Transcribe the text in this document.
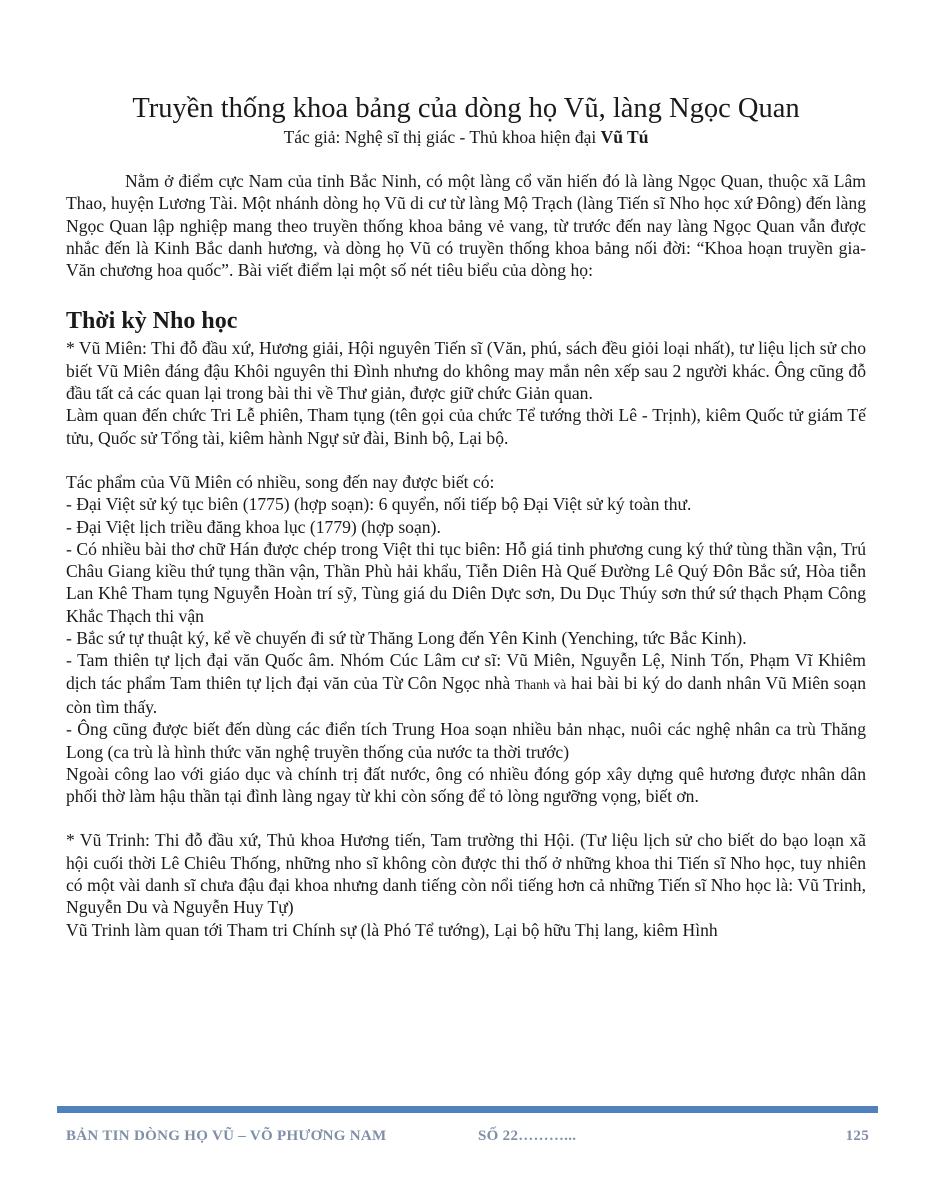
Truyền thống khoa bảng của dòng họ Vũ, làng Ngọc Quan

Tác giả: Nghệ sĩ thị giác - Thủ khoa hiện đại Vũ Tú

Nằm ở điểm cực Nam của tỉnh Bắc Ninh, có một làng cổ văn hiến đó là làng Ngọc Quan, thuộc xã Lâm Thao, huyện Lương Tài. Một nhánh dòng họ Vũ di cư từ làng Mộ Trạch (làng Tiến sĩ Nho học xứ Đông) đến làng Ngọc Quan lập nghiệp mang theo truyền thống khoa bảng vẻ vang, từ trước đến nay làng Ngọc Quan vẫn được nhắc đến là Kinh Bắc danh hương, và dòng họ Vũ có truyền thống khoa bảng nối đời: “Khoa hoạn truyền gia-Văn chương hoa quốc”. Bài viết điểm lại một số nét tiêu biểu của dòng họ:

Thời kỳ Nho học

* Vũ Miên: Thi đỗ đầu xứ, Hương giải, Hội nguyên Tiến sĩ (Văn, phú, sách đều giỏi loại nhất), tư liệu lịch sử cho biết Vũ Miên đáng đậu Khôi nguyên thi Đình nhưng do không may mắn nên xếp sau 2 người khác. Ông cũng đỗ đầu tất cả các quan lại trong bài thi về Thư giản, được giữ chức Giản quan.

Làm quan đến chức Tri Lễ phiên, Tham tụng (tên gọi của chức Tể tướng thời Lê - Trịnh), kiêm Quốc tử giám Tế tửu, Quốc sử Tổng tài, kiêm hành Ngự sử đài, Binh bộ, Lại bộ.

Tác phẩm của Vũ Miên có nhiều, song đến nay được biết có:

- Đại Việt sử ký tục biên (1775) (hợp soạn): 6 quyển, nối tiếp bộ Đại Việt sử ký toàn thư.

- Đại Việt lịch triều đăng khoa lục (1779) (hợp soạn).

- Có nhiều bài thơ chữ Hán được chép trong Việt thi tục biên: Hỗ giá tinh phương cung ký thứ tùng thần vận, Trú Châu Giang kiều thứ tụng thần vận, Thần Phù hải khẩu, Tiễn Diên Hà Quế Đường Lê Quý Đôn Bắc sứ, Hòa tiễn Lan Khê Tham tụng Nguyễn Hoàn trí sỹ, Tùng giá du Diên Dực sơn, Du Dục Thúy sơn thứ sứ thạch Phạm Công Khắc Thạch thi vận

- Bắc sứ tự thuật ký, kể về chuyến đi sứ từ Thăng Long đến Yên Kinh (Yenching, tức Bắc Kinh).

- Tam thiên tự lịch đại văn Quốc âm. Nhóm Cúc Lâm cư sĩ: Vũ Miên, Nguyễn Lệ, Ninh Tốn, Phạm Vĩ Khiêm dịch tác phẩm Tam thiên tự lịch đại văn của Từ Côn Ngọc nhà Thanh và hai bài bi ký do danh nhân Vũ Miên soạn còn tìm thấy.

- Ông cũng được biết đến dùng các điển tích Trung Hoa soạn nhiều bản nhạc, nuôi các nghệ nhân ca trù Thăng Long (ca trù là hình thức văn nghệ truyền thống của nước ta thời trước)

Ngoài công lao với giáo dục và chính trị đất nước, ông có nhiều đóng góp xây dựng quê hương được nhân dân phối thờ làm hậu thần tại đình làng ngay từ khi còn sống để tỏ lòng ngưỡng vọng, biết ơn.

* Vũ Trinh: Thi đỗ đầu xứ, Thủ khoa Hương tiến, Tam trường thi Hội. (Tư liệu lịch sử cho biết do bạo loạn xã hội cuối thời Lê Chiêu Thống, những nho sĩ không còn được thi thố ở những khoa thi Tiến sĩ Nho học, tuy nhiên có một vài danh sĩ chưa đậu đại khoa nhưng danh tiếng còn nổi tiếng hơn cả những Tiến sĩ Nho học là: Vũ Trinh, Nguyễn Du và Nguyễn Huy Tự)

Vũ Trinh làm quan tới Tham tri Chính sự (là Phó Tể tướng), Lại bộ hữu Thị lang, kiêm Hình

BẢN TIN DÒNG HỌ VŨ – VÕ PHƯƠNG NAM	SỐ 22………...	125
